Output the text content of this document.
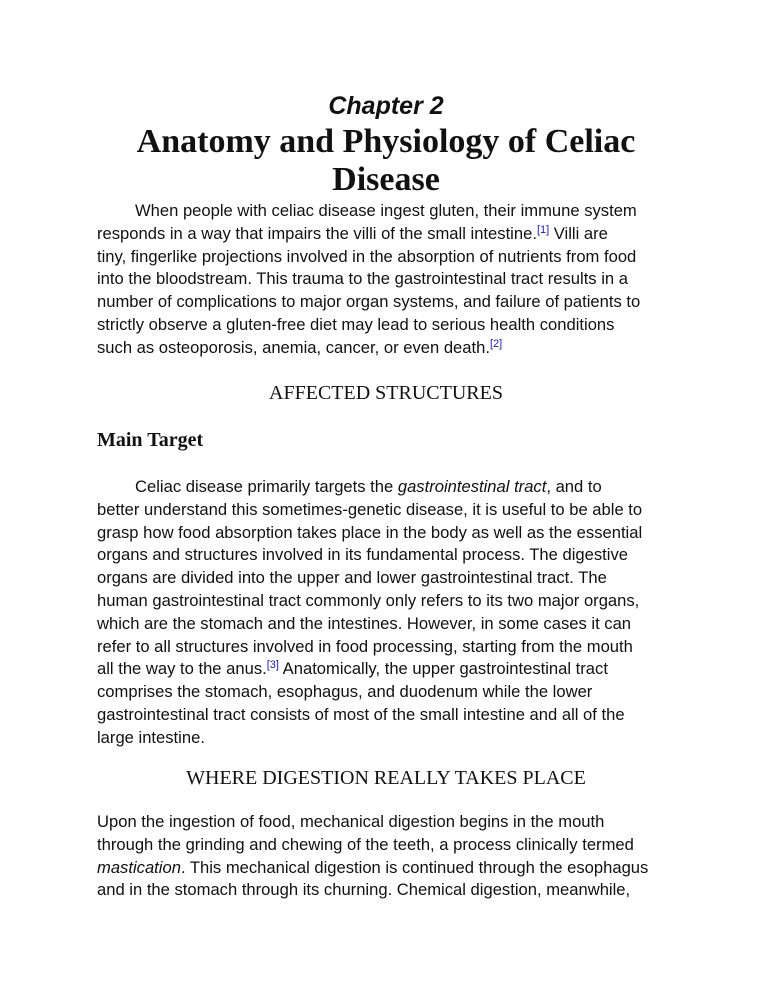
Chapter 2
Anatomy and Physiology of Celiac
Disease

When people with celiac disease ingest gluten, their immune system
responds in a way that impairs the villi of the small intestine.[1] Villi are
tiny, fingerlike projections involved in the absorption of nutrients from food
into the bloodstream. This trauma to the gastrointestinal tract results in a
number of complications to major organ systems, and failure of patients to
strictly observe a gluten-free diet may lead to serious health conditions
such as osteoporosis, anemia, cancer, or even death.[2]

AFFECTED STRUCTURES
Main Target

Celiac disease primarily targets the gastrointestinal tract, and to
better understand this sometimes-genetic disease, it is useful to be able to
grasp how food absorption takes place in the body as well as the essential
organs and structures involved in its fundamental process. The digestive
organs are divided into the upper and lower gastrointestinal tract. The
human gastrointestinal tract commonly only refers to its two major organs,
which are the stomach and the intestines. However, in some cases it can
refer to all structures involved in food processing, starting from the mouth
all the way to the anus.[3] Anatomically, the upper gastrointestinal tract
comprises the stomach, esophagus, and duodenum while the lower
gastrointestinal tract consists of most of the small intestine and all of the
large intestine.

WHERE DIGESTION REALLY TAKES PLACE

Upon the ingestion of food, mechanical digestion begins in the mouth
through the grinding and chewing of the teeth, a process clinically termed
mastication. This mechanical digestion is continued through the esophagus
and in the stomach through its churning. Chemical digestion, meanwhile,
